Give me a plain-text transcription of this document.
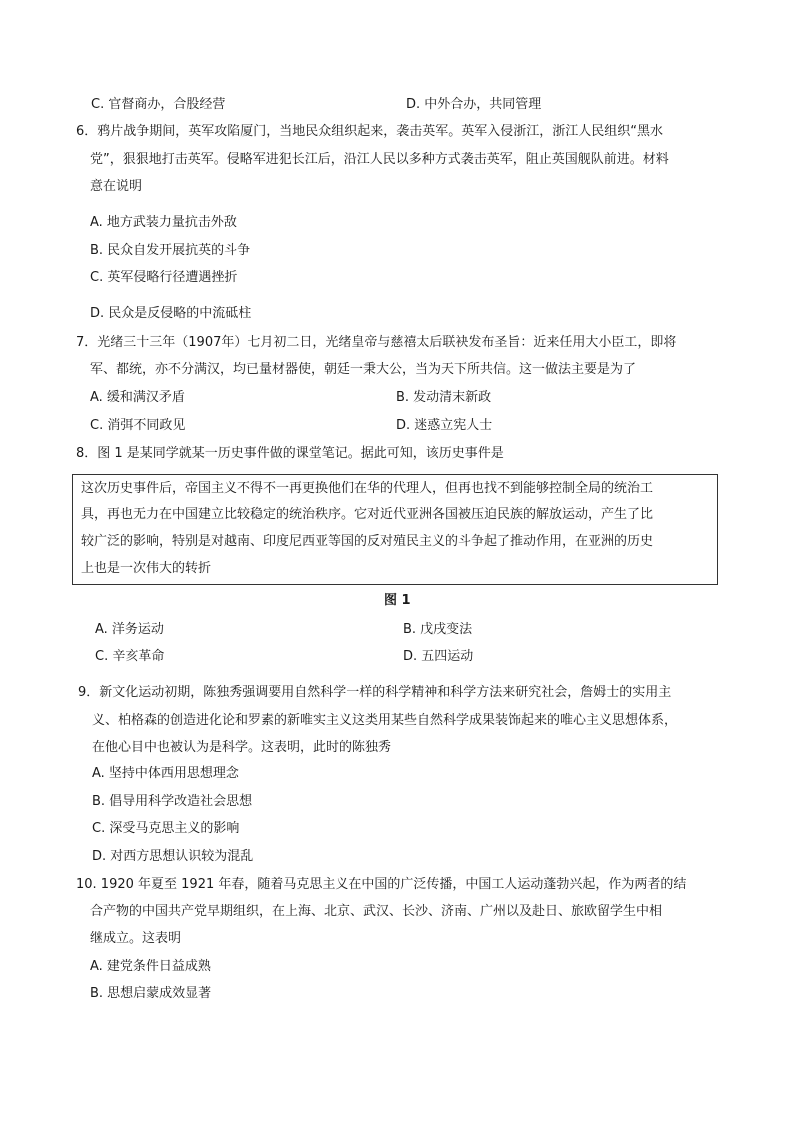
C. 官督商办，合股经营	D. 中外合办，共同管理
6．鸦片战争期间，英军攻陷厦门，当地民众组织起来，袭击英军。英军入侵浙江，浙江人民组织“黑水
党”，狠狠地打击英军。侵略军进犯长江后，沿江人民以多种方式袭击英军，阻止英国舰队前进。材料
意在说明
A. 地方武装力量抗击外敌
B. 民众自发开展抗英的斗争
C. 英军侵略行径遭遇挫折
D. 民众是反侵略的中流砥柱
7．光绪三十三年（1907年）七月初二日，光绪皇帝与慈禧太后联袂发布圣旨：近来任用大小臣工，即将
军、都统，亦不分满汉，均已量材器使，朝廷一秉大公，当为天下所共信。这一做法主要是为了
A. 缓和满汉矛盾	B. 发动清末新政
C. 消弭不同政见	D. 迷惑立宪人士
8．图 1 是某同学就某一历史事件做的课堂笔记。据此可知，该历史事件是
这次历史事件后，帝国主义不得不一再更换他们在华的代理人，但再也找不到能够控制全局的统治工
具，再也无力在中国建立比较稳定的统治秩序。它对近代亚洲各国被压迫民族的解放运动，产生了比
较广泛的影响，特别是对越南、印度尼西亚等国的反对殖民主义的斗争起了推动作用，在亚洲的历史
上也是一次伟大的转折
图 1
A. 洋务运动	B. 戊戌变法
C. 辛亥革命	D. 五四运动
9．新文化运动初期，陈独秀强调要用自然科学一样的科学精神和科学方法来研究社会，詹姆士的实用主
义、柏格森的创造进化论和罗素的新唯实主义这类用某些自然科学成果装饰起来的唯心主义思想体系，
在他心目中也被认为是科学。这表明，此时的陈独秀
A. 坚持中体西用思想理念
B. 倡导用科学改造社会思想
C. 深受马克思主义的影响
D. 对西方思想认识较为混乱
10. 1920 年夏至 1921 年春，随着马克思主义在中国的广泛传播，中国工人运动蓬勃兴起，作为两者的结
合产物的中国共产党早期组织，在上海、北京、武汉、长沙、济南、广州以及赴日、旅欧留学生中相
继成立。这表明
A. 建党条件日益成熟
B. 思想启蒙成效显著
